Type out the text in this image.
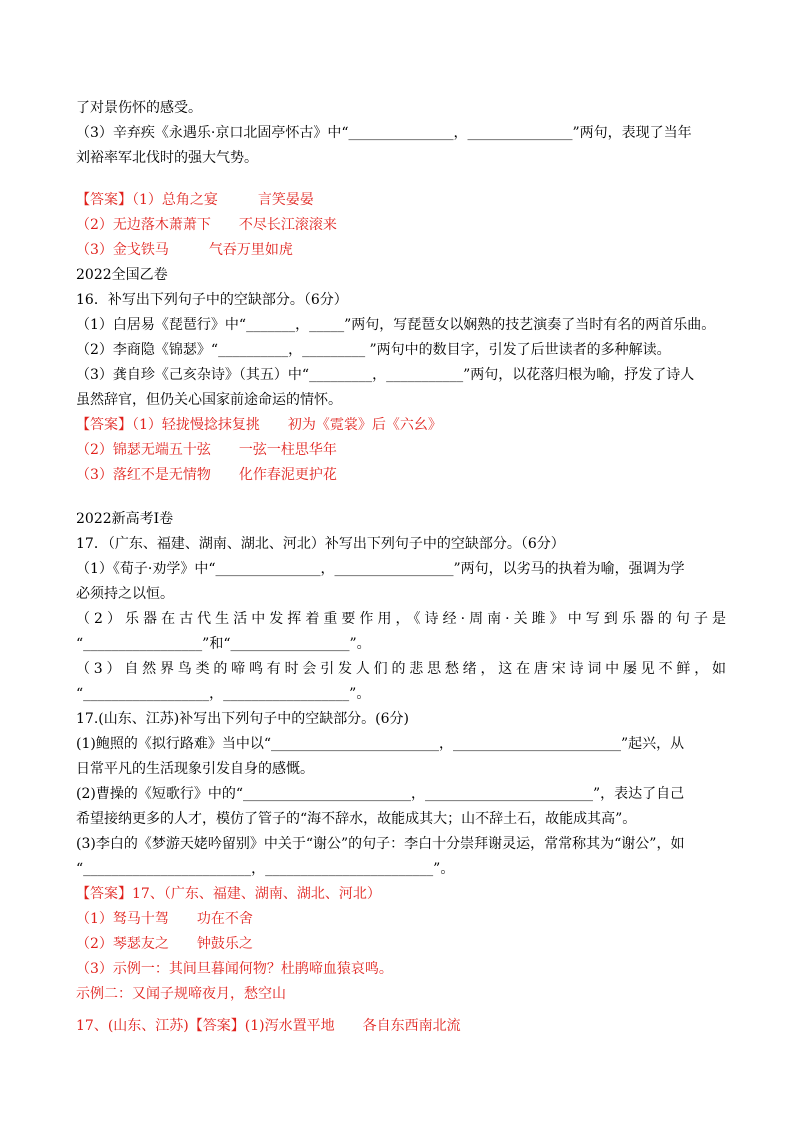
了对景伤怀的感受。
（3）辛弃疾《永遇乐·京口北固亭怀古》中“_______________，_______________”两句，表现了当年
刘裕率军北伐时的强大气势。
【答案】（1）总角之宴	言笑晏晏
（2）无边落木萧萧下 不尽长江滚滚来
（3）金戈铁马	气吞万里如虎
2022全国乙卷
16．补写出下列句子中的空缺部分。（6分）
（1）白居易《琵琶行》中“_______，_____”两句，写琵琶女以娴熟的技艺演奏了当时有名的两首乐曲。
（2）李商隐《锦瑟》“__________，_________ ”两句中的数目字，引发了后世读者的多种解读。
（3）龚自珍《己亥杂诗》（其五）中“_________，___________”两句，以花落归根为喻，抒发了诗人
虽然辞官，但仍关心国家前途命运的情怀。
【答案】（1）轻拢慢捻抹复挑 初为《霓裳》后《六幺》
（2）锦瑟无端五十弦 一弦一柱思华年
（3）落红不是无情物 化作春泥更护花
2022新高考Ⅰ卷
17．（广东、福建、湖南、湖北、河北）补写出下列句子中的空缺部分。（6分）
（1）《荀子·劝学》中“_______________，_________________”两句，以劣马的执着为喻，强调为学
必须持之以恒。
（2）乐器在古代生活中发挥着重要作用，《诗经·周南·关雎》中写到乐器的句子是
“_________________”和“_________________”。
（3）自然界鸟类的啼鸣有时会引发人们的悲思愁绪，这在唐宋诗词中屡见不鲜，如
“__________________，__________________”。
17.(山东、江苏)补写出下列句子中的空缺部分。(6分)
(1)鲍照的《拟行路难》当中以“________________________，________________________”起兴，从
日常平凡的生活现象引发自身的感慨。
(2)曹操的《短歌行》中的“________________________，________________________”，表达了自己
希望接纳更多的人才，模仿了管子的“海不辞水，故能成其大；山不辞土石，故能成其高”。
(3)李白的《梦游天姥吟留别》中关于“谢公”的句子：李白十分崇拜谢灵运，常常称其为“谢公”，如
“________________________，________________________”。
【答案】17、（广东、福建、湖南、湖北、河北）
（1）驽马十驾 功在不舍
（2）琴瑟友之 钟鼓乐之
（3）示例一：其间旦暮闻何物？杜鹃啼血猿哀鸣。
示例二：又闻子规啼夜月，愁空山
17、(山东、江苏)【答案】(1)泻水置平地 各自东西南北流
